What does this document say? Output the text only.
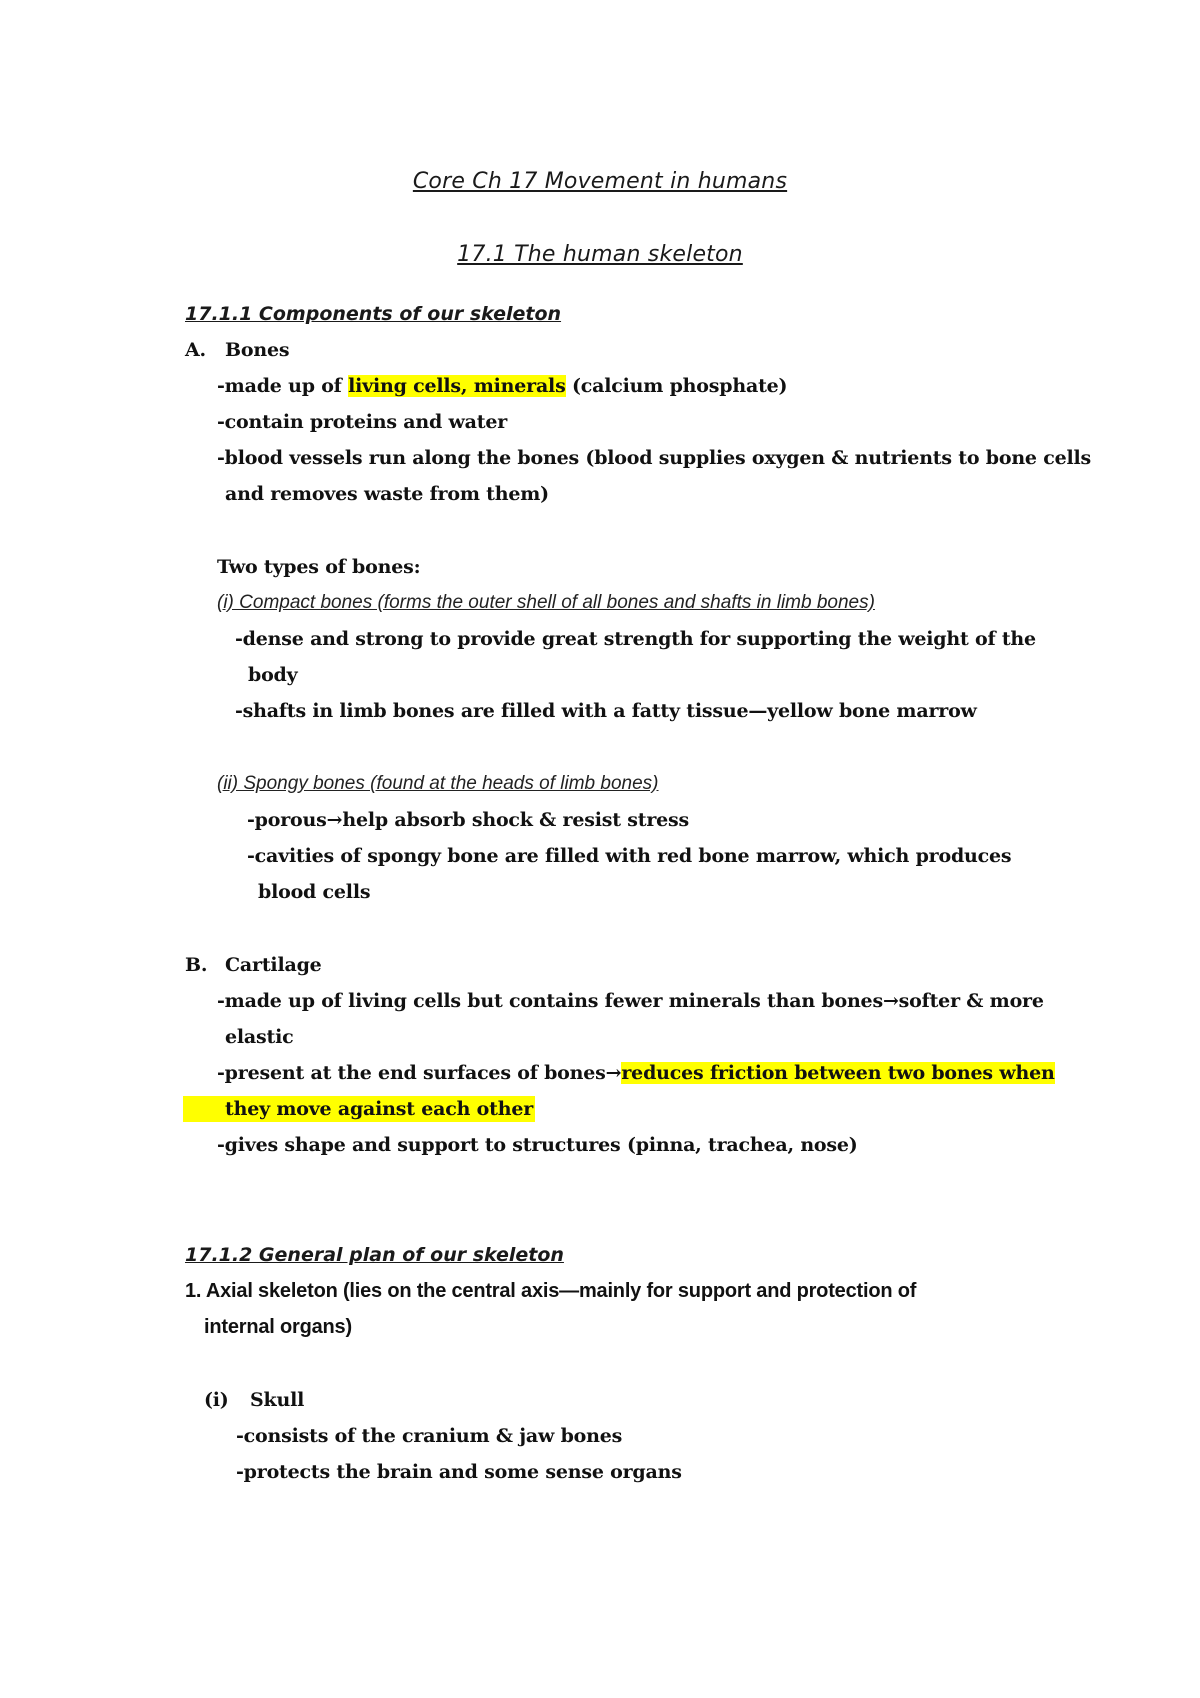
Core Ch 17 Movement in humans
17.1 The human skeleton
17.1.1 Components of our skeleton
A. Bones
-made up of living cells, minerals (calcium phosphate)
-contain proteins and water
-blood vessels run along the bones (blood supplies oxygen & nutrients to bone cells
and removes waste from them)
Two types of bones:
(i) Compact bones (forms the outer shell of all bones and shafts in limb bones)
-dense and strong to provide great strength for supporting the weight of the
body
-shafts in limb bones are filled with a fatty tissue—yellow bone marrow
(ii) Spongy bones (found at the heads of limb bones)
-porous→help absorb shock & resist stress
-cavities of spongy bone are filled with red bone marrow, which produces
blood cells
B. Cartilage
-made up of living cells but contains fewer minerals than bones→softer & more
elastic
-present at the end surfaces of bones→reduces friction between two bones when
they move against each other
-gives shape and support to structures (pinna, trachea, nose)
17.1.2 General plan of our skeleton
1. Axial skeleton (lies on the central axis—mainly for support and protection of
internal organs)
(i) Skull
-consists of the cranium & jaw bones
-protects the brain and some sense organs
